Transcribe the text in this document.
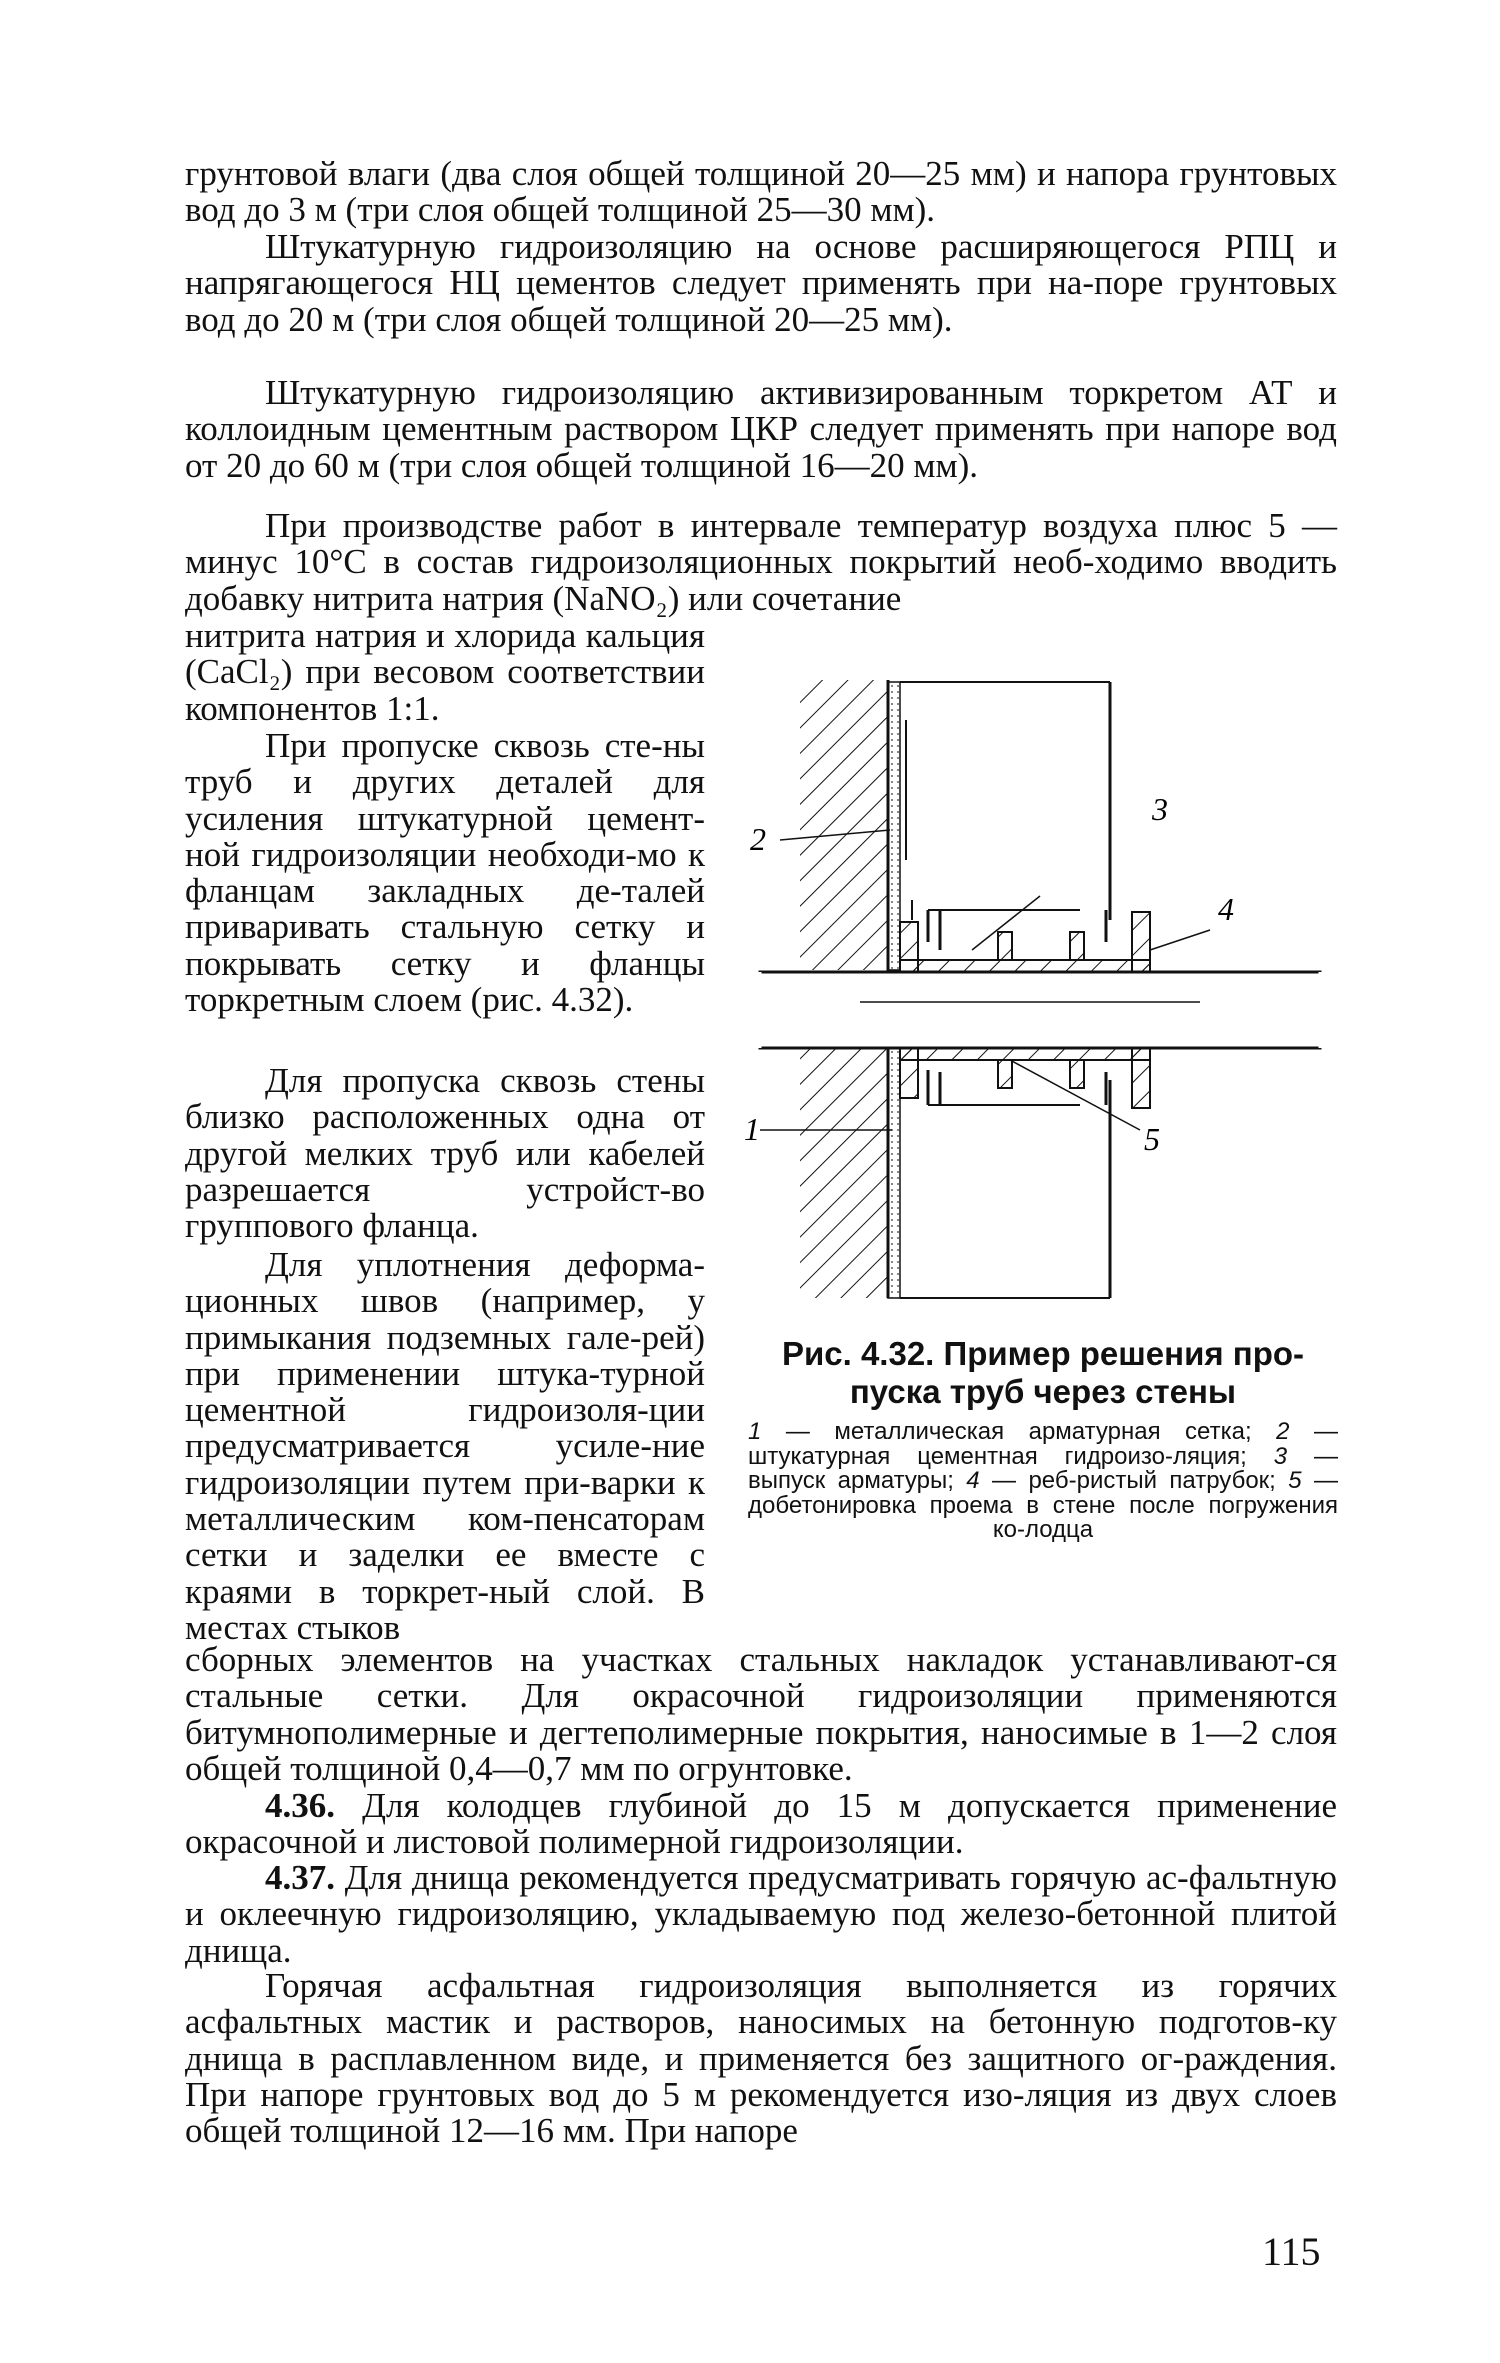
грунтовой влаги (два слоя общей толщиной 20—25 мм) и напора грунтовых вод до 3 м (три слоя общей толщиной 25—30 мм).

Штукатурную гидроизоляцию на основе расширяющегося РПЦ и напрягающегося НЦ цементов следует применять при на-поре грунтовых вод до 20 м (три слоя общей толщиной 20—25 мм).

Штукатурную гидроизоляцию активизированным торкретом АТ и коллоидным цементным раствором ЦКР следует применять при напоре вод от 20 до 60 м (три слоя общей толщиной 16—20 мм).

При производстве работ в интервале температур воздуха плюс 5 — минус 10°С в состав гидроизоляционных покрытий необ-ходимо вводить добавку нитрита натрия (NaNO₂) или сочетание

нитрита натрия и хлорида кальция (CaCl₂) при весовом соответствии компонентов 1:1.

При пропуске сквозь сте-ны труб и других деталей для усиления штукатурной цемент-ной гидроизоляции необходи-мо к фланцам закладных де-талей приваривать стальную сетку и покрывать сетку и фланцы торкретным слоем (рис. 4.32).

Для пропуска сквозь стены близко расположенных одна от другой мелких труб или кабелей разрешается устройст-во группового фланца.

Для уплотнения деформа-ционных швов (например, у примыкания подземных гале-рей) при применении штука-турной цементной гидроизоля-ции предусматривается усиле-ние гидроизоляции путем при-варки к металлическим ком-пенсаторам сетки и заделки ее вместе с краями в торкрет-ный слой. В местах стыков

сборных элементов на участках стальных накладок устанавливают-ся стальные сетки. Для окрасочной гидроизоляции применяются битумнополимерные и дегтеполимерные покрытия, наносимые в 1—2 слоя общей толщиной 0,4—0,7 мм по огрунтовке.

4.36. Для колодцев глубиной до 15 м допускается применение окрасочной и листовой полимерной гидроизоляции.

4.37. Для днища рекомендуется предусматривать горячую ас-фальтную и оклеечную гидроизоляцию, укладываемую под железо-бетонной плитой днища.

Горячая асфальтная гидроизоляция выполняется из горячих асфальтных мастик и растворов, наносимых на бетонную подготов-ку днища в расплавленном виде, и применяется без защитного ог-раждения. При напоре грунтовых вод до 5 м рекомендуется изо-ляция из двух слоев общей толщиной 12—16 мм. При напоре

2
3
4
1	5

Рис. 4.32. Пример решения про-пуска труб через стены

1 — металлическая арматурная сетка; 2 — штукатурная цементная гидроизо-ляция; 3 — выпуск арматуры; 4 — реб-ристый патрубок; 5 — добетонировка проема в стене после погружения ко-лодца

115
